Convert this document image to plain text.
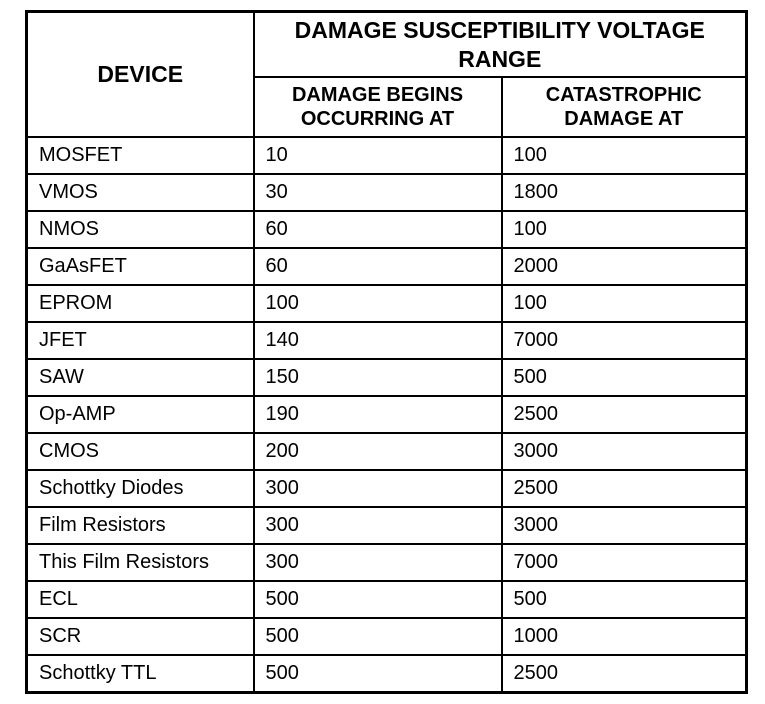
DEVICE	DAMAGE SUSCEPTIBILITY VOLTAGE RANGE	
	DAMAGE BEGINS OCCURRING AT	CATASTROPHIC DAMAGE AT
MOSFET	10	100
VMOS	30	1800
NMOS	60	100
GaAsFET	60	2000
EPROM	100	100
JFET	140	7000
SAW	150	500
Op-AMP	190	2500
CMOS	200	3000
Schottky Diodes	300	2500
Film Resistors	300	3000
This Film Resistors	300	7000
ECL	500	500
SCR	500	1000
Schottky TTL	500	2500
